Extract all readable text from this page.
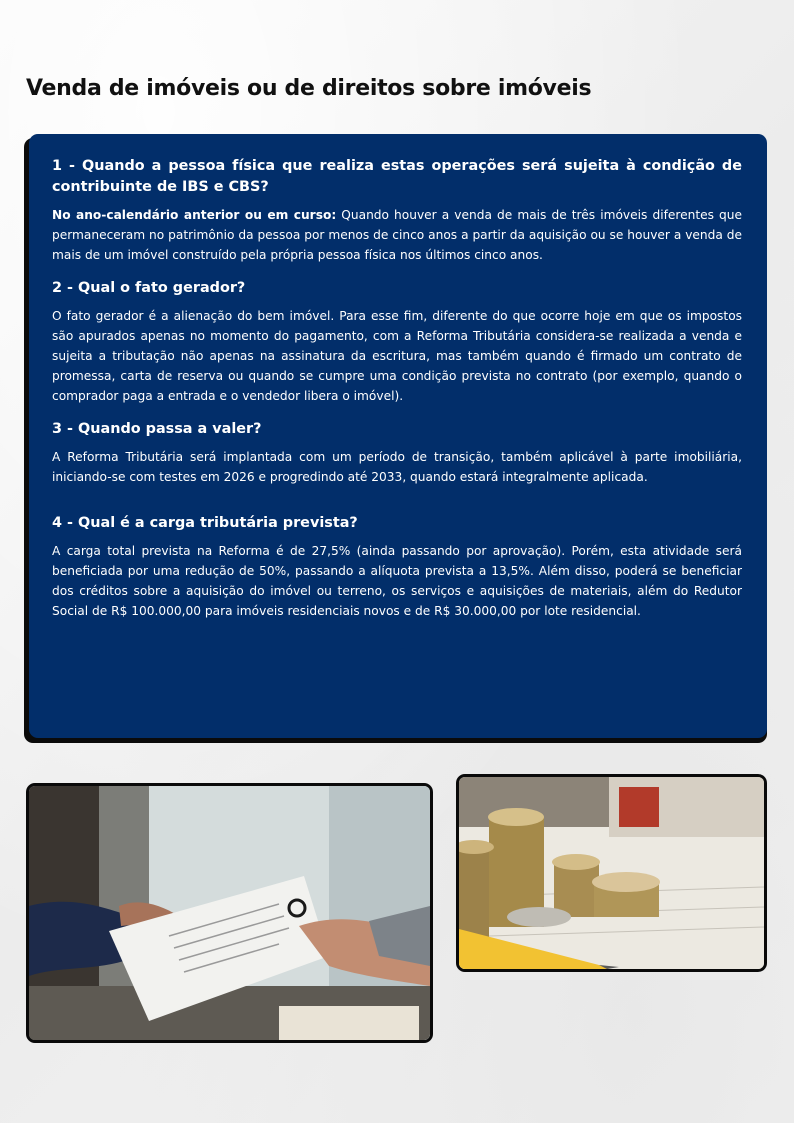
Venda de imóveis ou de direitos sobre imóveis
1 - Quando a pessoa física que realiza estas operações será sujeita à condição de contribuinte de IBS e CBS?

No ano-calendário anterior ou em curso: Quando houver a venda de mais de três imóveis diferentes que permaneceram no patrimônio da pessoa por menos de cinco anos a partir da aquisição ou se houver a venda de mais de um imóvel construído pela própria pessoa física nos últimos cinco anos.

2 - Qual o fato gerador?

O fato gerador é a alienação do bem imóvel. Para esse fim, diferente do que ocorre hoje em que os impostos são apurados apenas no momento do pagamento, com a Reforma Tributária considera-se realizada a venda e sujeita a tributação não apenas na assinatura da escritura, mas também quando é firmado um contrato de promessa, carta de reserva ou quando se cumpre uma condição prevista no contrato (por exemplo, quando o comprador paga a entrada e o vendedor libera o imóvel).

3 - Quando passa a valer?

A Reforma Tributária será implantada com um período de transição, também aplicável à parte imobiliária, iniciando-se com testes em 2026 e progredindo até 2033, quando estará integralmente aplicada.

4 - Qual é a carga tributária prevista?

A carga total prevista na Reforma é de 27,5% (ainda passando por aprovação). Porém, esta atividade será beneficiada por uma redução de 50%, passando a alíquota prevista a 13,5%. Além disso, poderá se beneficiar dos créditos sobre a aquisição do imóvel ou terreno, os serviços e aquisições de materiais, além do Redutor Social de R$ 100.000,00 para imóveis residenciais novos e de R$ 30.000,00 por lote residencial.
